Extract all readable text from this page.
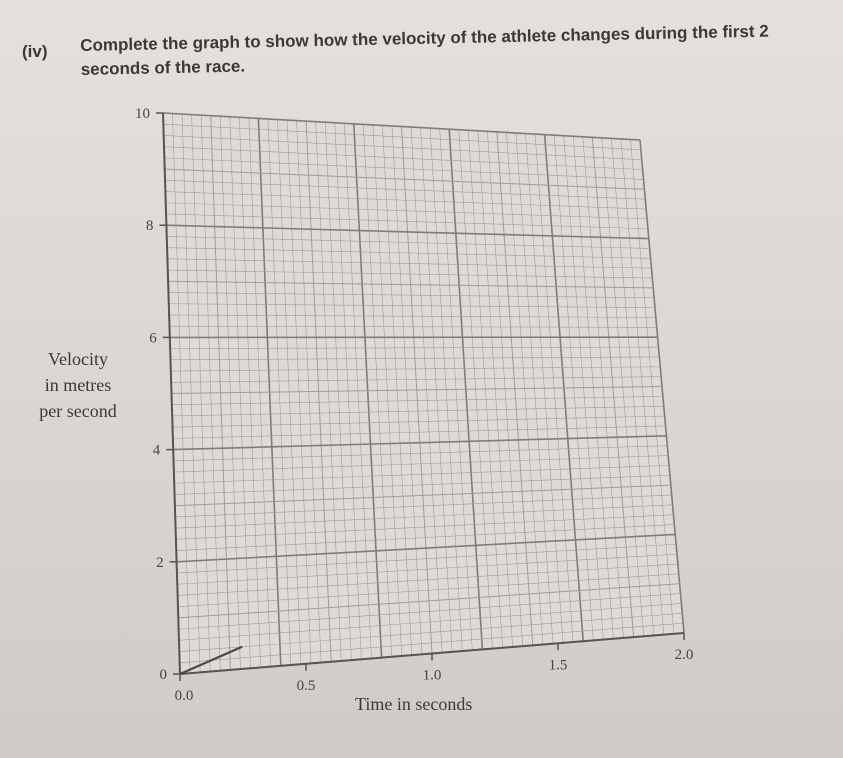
(iv) Complete the graph to show how the velocity of the athlete changes during the first 2 seconds of the race.
Velocity
in metres
per second
Time in seconds
0
2
4
6
8
10
0.0
0.5
1.0
1.5
2.0
